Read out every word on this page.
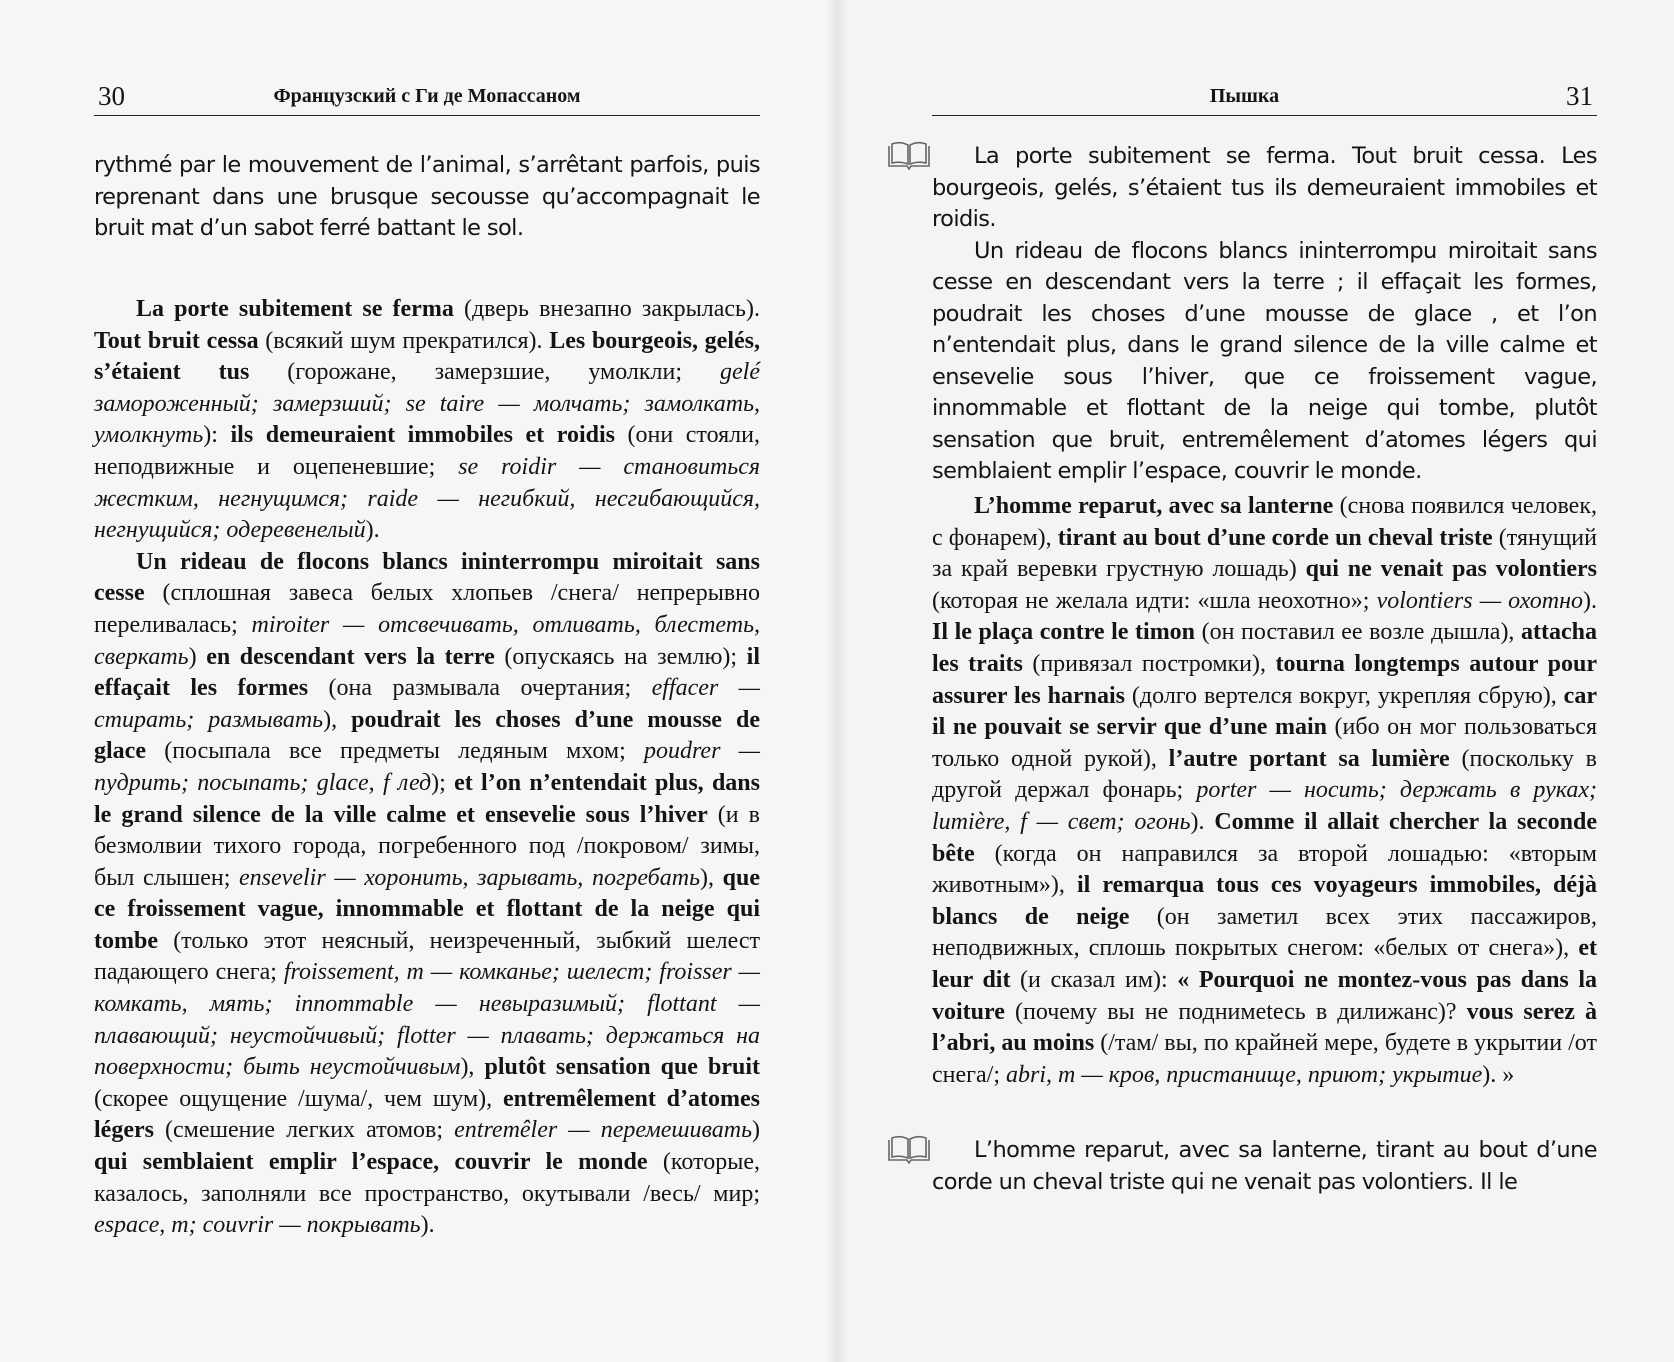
30	Французский с Ги де Мопассаном

rythmé par le mouvement de l’animal, s’arrêtant parfois, puis reprenant dans une brusque secousse qu’accompagnait le bruit mat d’un sabot ferré battant le sol.

La porte subitement se ferma (дверь внезапно закрылась). Tout bruit cessa (всякий шум прекратился). Les bourgeois, gelés, s’étaient tus (горожане, замерзшие, умолкли; gelé замороженный; замерзший; se taire — молчать; замолкать, умолкнуть): ils demeuraient immobiles et roidis (они стояли, неподвижные и оцепеневшие; se roidir — становиться жестким, негнущимся; raide — негибкий, несгибающийся, негнущийся; одеревенелый).

Un rideau de flocons blancs ininterrompu miroitait sans cesse (сплошная завеса белых хлопьев /снега/ непрерывно переливалась; miroiter — отсвечивать, отливать, блестеть, сверкать) en descendant vers la terre (опускаясь на землю); il effaçait les formes (она размывала очертания; effacer — стирать; размывать), poudrait les choses d’une mousse de glace (посыпала все предметы ледяным мхом; poudrer — пудрить; посыпать; glace, f лед); et l’on n’entendait plus, dans le grand silence de la ville calme et ensevelie sous l’hiver (и в безмолвии тихого города, погребенного под /покровом/ зимы, был слышен; ensevelir — хоронить, зарывать, погребать), que ce froissement vague, innommable et flottant de la neige qui tombe (только этот неясный, неизреченный, зыбкий шелест падающего снега; froissement, m — комканье; шелест; froisser — комкать, мять; innommable — невыразимый; flottant — плавающий; неустойчивый; flotter — плавать; держаться на поверхности; быть неустойчивым), plutôt sensation que bruit (скорее ощущение /шума/, чем шум), entremêlement d’atomes légers (смешение легких атомов; entremêler — перемешивать) qui semblaient emplir l’espace, couvrir le monde (которые, казалось, заполняли все пространство, окутывали /весь/ мир; espace, m; couvrir — покрывать).

Пышка	31

La porte subitement se ferma. Tout bruit cessa. Les bourgeois, gelés, s’étaient tus ils demeuraient immobiles et roidis.

Un rideau de flocons blancs ininterrompu miroitait sans cesse en descendant vers la terre ; il effaçait les formes, poudrait les choses d’une mousse de glace , et l’on n’entendait plus, dans le grand silence de la ville calme et ensevelie sous l’hiver, que ce froissement vague, innommable et flottant de la neige qui tombe, plutôt sensation que bruit, entremêlement d’atomes légers qui semblaient emplir l’espace, couvrir le monde.

L’homme reparut, avec sa lanterne (снова появился человек, с фонарем), tirant au bout d’une corde un cheval triste (тянущий за край веревки грустную лошадь) qui ne venait pas volontiers (которая не желала идти: «шла неохотно»; volontiers — охотно). Il le plaça contre le timon (он поставил ее возле дышла), attacha les traits (привязал постромки), tourna longtemps autour pour assurer les harnais (долго вертелся вокруг, укрепляя сбрую), car il ne pouvait se servir que d’une main (ибо он мог пользоваться только одной рукой), l’autre portant sa lumière (поскольку в другой держал фонарь; porter — носить; держать в руках; lumière, f — свет; огонь). Comme il allait chercher la seconde bête (когда он направился за второй лошадью: «вторым животным»), il remarqua tous ces voyageurs immobiles, déjà blancs de neige (он заметил всех этих пассажиров, неподвижных, сплошь покрытых снегом: «белых от снега»), et leur dit (и сказал им): « Pourquoi ne montez-vous pas dans la voiture (почему вы не поднимetесь в дилижанс)? vous serez à l’abri, au moins (/там/ вы, по крайней мере, будете в укрытии /от снега/; abri, m — кров, пристанище, приют; укрытие). »

L’homme reparut, avec sa lanterne, tirant au bout d’une corde un cheval triste qui ne venait pas volontiers. Il le
